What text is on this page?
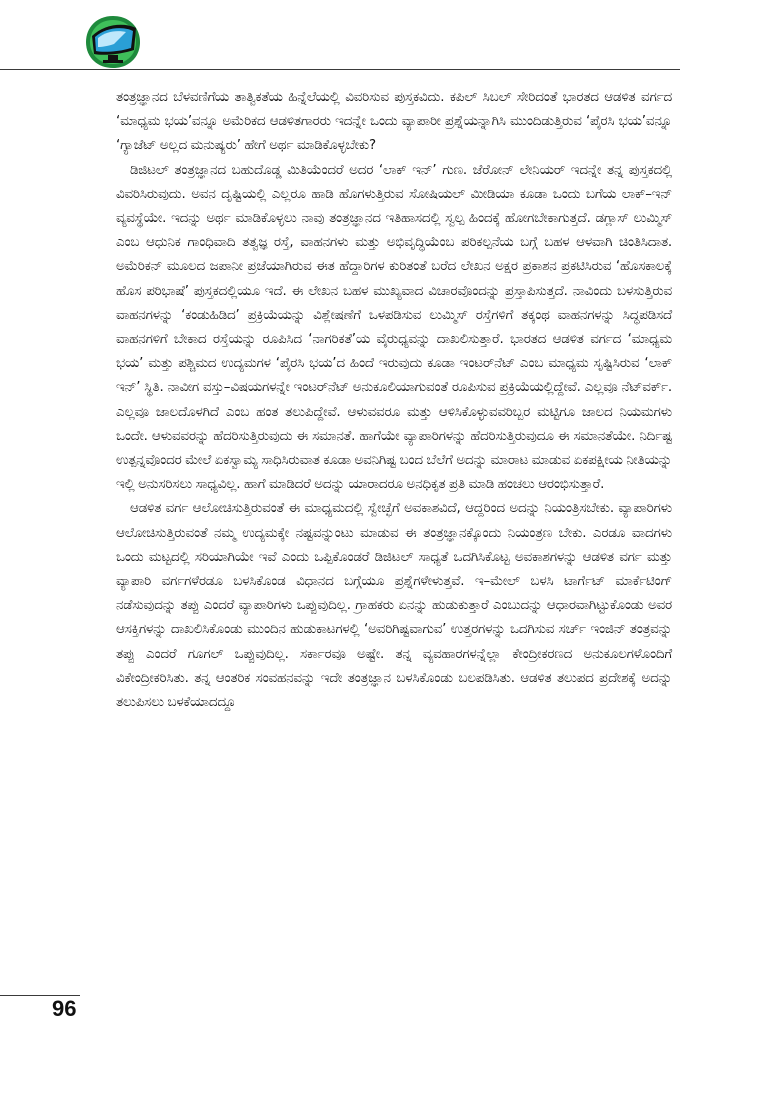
ತಂತ್ರಜ್ಞಾನದ ಬೆಳವಣಿಗೆಯ ತಾತ್ವಿಕತೆಯ ಹಿನ್ನೆಲೆಯಲ್ಲಿ ವಿವರಿಸುವ ಪುಸ್ತಕವಿದು. ಕಪಿಲ್ ಸಿಬಲ್ ಸೇರಿದಂತೆ ಭಾರತದ ಆಡಳಿತ ವರ್ಗದ ‘ಮಾಧ್ಯಮ ಭಯ’ವನ್ನೂ ಅಮೆರಿಕದ ಆಡಳಿತಗಾರರು ಇದನ್ನೇ ಒಂದು ವ್ಯಾಪಾರೀ ಪ್ರಶ್ನೆಯನ್ನಾಗಿಸಿ ಮುಂದಿಡುತ್ತಿರುವ ‘ಪೈರಸಿ ಭಯ’ವನ್ನೂ ‘ಗ್ಯಾಜೆಟ್ ಅಲ್ಲದ ಮನುಷ್ಯರು’ ಹೇಗೆ ಅರ್ಥ ಮಾಡಿಕೊಳ್ಳಬೇಕು?

ಡಿಜಿಟಲ್ ತಂತ್ರಜ್ಞಾನದ ಬಹುದೊಡ್ಡ ಮಿತಿಯೆಂದರೆ ಅದರ ‘ಲಾಕ್ ಇನ್’ ಗುಣ. ಜೆರೋನ್ ಲೇನಿಯರ್ ಇದನ್ನೇ ತನ್ನ ಪುಸ್ತಕದಲ್ಲಿ ವಿವರಿಸಿರುವುದು. ಅವನ ದೃಷ್ಟಿಯಲ್ಲಿ ಎಲ್ಲರೂ ಹಾಡಿ ಹೊಗಳುತ್ತಿರುವ ಸೋಷಿಯಲ್ ಮೀಡಿಯಾ ಕೂಡಾ ಒಂದು ಬಗೆಯ ಲಾಕ್–ಇನ್ ವ್ಯವಸ್ಥೆಯೇ. ಇದನ್ನು ಅರ್ಥ ಮಾಡಿಕೊಳ್ಳಲು ನಾವು ತಂತ್ರಜ್ಞಾನದ ಇತಿಹಾಸದಲ್ಲಿ ಸ್ವಲ್ಪ ಹಿಂದಕ್ಕೆ ಹೋಗಬೇಕಾಗುತ್ತದೆ. ಡಗ್ಲಾಸ್ ಲುಮ್ಮಿಸ್ ಎಂಬ ಆಧುನಿಕ ಗಾಂಧಿವಾದಿ ತತ್ವಜ್ಞ ರಸ್ತೆ, ವಾಹನಗಳು ಮತ್ತು ಅಭಿವೃದ್ಧಿಯೆಂಬ ಪರಿಕಲ್ಪನೆಯ ಬಗ್ಗೆ ಬಹಳ ಆಳವಾಗಿ ಚಿಂತಿಸಿದಾತ. ಅಮೆರಿಕನ್ ಮೂಲದ ಜಪಾನೀ ಪ್ರಜೆಯಾಗಿರುವ ಈತ ಹೆದ್ದಾರಿಗಳ ಕುರಿತಂತೆ ಬರೆದ ಲೇಖನ ಅಕ್ಷರ ಪ್ರಕಾಶನ ಪ್ರಕಟಿಸಿರುವ ‘ಹೊಸಕಾಲಕ್ಕೆ ಹೊಸ ಪರಿಭಾಷೆ’ ಪುಸ್ತಕದಲ್ಲಿಯೂ ಇದೆ. ಈ ಲೇಖನ ಬಹಳ ಮುಖ್ಯವಾದ ವಿಚಾರವೊಂದನ್ನು ಪ್ರಸ್ತಾಪಿಸುತ್ತದೆ. ನಾವಿಂದು ಬಳಸುತ್ತಿರುವ ವಾಹನಗಳನ್ನು ‘ಕಂಡುಹಿಡಿದ’ ಪ್ರಕ್ರಿಯೆಯನ್ನು ವಿಶ್ಲೇಷಣೆಗೆ ಒಳಪಡಿಸುವ ಲುಮ್ಮಿಸ್ ರಸ್ತೆಗಳಿಗೆ ತಕ್ಕಂಥ ವಾಹನಗಳನ್ನು ಸಿದ್ಧಪಡಿಸದೆ ವಾಹನಗಳಿಗೆ ಬೇಕಾದ ರಸ್ತೆಯನ್ನು ರೂಪಿಸಿದ ‘ನಾಗರಿಕತೆ’ಯ ವೈರುಧ್ಯವನ್ನು ದಾಖಲಿಸುತ್ತಾರೆ. ಭಾರತದ ಆಡಳಿತ ವರ್ಗದ ‘ಮಾಧ್ಯಮ ಭಯ’ ಮತ್ತು ಪಶ್ಚಿಮದ ಉದ್ಯಮಗಳ ‘ಪೈರಸಿ ಭಯ’ದ ಹಿಂದೆ ಇರುವುದು ಕೂಡಾ ಇಂಟರ್‌ನೆಟ್ ಎಂಬ ಮಾಧ್ಯಮ ಸೃಷ್ಟಿಸಿರುವ ‘ಲಾಕ್ ಇನ್’ ಸ್ಥಿತಿ. ನಾವೀಗ ವಸ್ತು–ವಿಷಯಗಳನ್ನೇ ಇಂಟರ್‌ನೆಟ್ ಅನುಕೂಲಿಯಾಗುವಂತೆ ರೂಪಿಸುವ ಪ್ರಕ್ರಿಯೆಯಲ್ಲಿದ್ದೇವೆ. ಎಲ್ಲವೂ ನೆಟ್‌ವರ್ಕ್. ಎಲ್ಲವೂ ಜಾಲದೊಳಗಿದೆ ಎಂಬ ಹಂತ ತಲುಪಿದ್ದೇವೆ. ಆಳುವವರೂ ಮತ್ತು ಆಳಿಸಿಕೊಳ್ಳುವವರಿಬ್ಬರ ಮಟ್ಟಿಗೂ ಜಾಲದ ನಿಯಮಗಳು ಒಂದೇ. ಆಳುವವರನ್ನು ಹೆದರಿಸುತ್ತಿರುವುದು ಈ ಸಮಾನತೆ. ಹಾಗೆಯೇ ವ್ಯಾಪಾರಿಗಳನ್ನು ಹೆದರಿಸುತ್ತಿರುವುದೂ ಈ ಸಮಾನತೆಯೇ. ನಿರ್ದಿಷ್ಟ ಉತ್ಪನ್ನವೊಂದರ ಮೇಲೆ ಏಕಸ್ವಾಮ್ಯ ಸಾಧಿಸಿರುವಾತ ಕೂಡಾ ಅವನಿಗಿಷ್ಟ ಬಂದ ಬೆಲೆಗೆ ಅದನ್ನು ಮಾರಾಟ ಮಾಡುವ ಏಕಪಕ್ಷೀಯ ನೀತಿಯನ್ನು ಇಲ್ಲಿ ಅನುಸರಿಸಲು ಸಾಧ್ಯವಿಲ್ಲ. ಹಾಗೆ ಮಾಡಿದರೆ ಅದನ್ನು ಯಾರಾದರೂ ಅನಧಿಕೃತ ಪ್ರತಿ ಮಾಡಿ ಹಂಚಲು ಆರಂಭಿಸುತ್ತಾರೆ.

ಆಡಳಿತ ವರ್ಗ ಆಲೋಚಿಸುತ್ತಿರುವಂತೆ ಈ ಮಾಧ್ಯಮದಲ್ಲಿ ಸ್ವೇಚ್ಛೆಗೆ ಅವಕಾಶವಿದೆ, ಆದ್ದರಿಂದ ಅದನ್ನು ನಿಯಂತ್ರಿಸಬೇಕು. ವ್ಯಾಪಾರಿಗಳು ಆಲೋಚಿಸುತ್ತಿರುವಂತೆ ನಮ್ಮ ಉದ್ಯಮಕ್ಕೇ ನಷ್ಟವನ್ನುಂಟು ಮಾಡುವ ಈ ತಂತ್ರಜ್ಞಾನಕ್ಕೊಂದು ನಿಯಂತ್ರಣ ಬೇಕು. ಎರಡೂ ವಾದಗಳು ಒಂದು ಮಟ್ಟದಲ್ಲಿ ಸರಿಯಾಗಿಯೇ ಇವೆ ಎಂದು ಒಪ್ಪಿಕೊಂಡರೆ ಡಿಜಿಟಲ್ ಸಾಧ್ಯತೆ ಒದಗಿಸಿಕೊಟ್ಟ ಅವಕಾಶಗಳನ್ನು ಆಡಳಿತ ವರ್ಗ ಮತ್ತು ವ್ಯಾಪಾರಿ ವರ್ಗಗಳೆರಡೂ ಬಳಸಿಕೊಂಡ ವಿಧಾನದ ಬಗ್ಗೆಯೂ ಪ್ರಶ್ನೆಗಳೇಳುತ್ತವೆ. ಇ–ಮೇಲ್ ಬಳಸಿ ಟಾರ್ಗೆಟ್ ಮಾರ್ಕೆಟಿಂಗ್ ನಡೆಸುವುದನ್ನು ತಪ್ಪು ಎಂದರೆ ವ್ಯಾಪಾರಿಗಳು ಒಪ್ಪುವುದಿಲ್ಲ. ಗ್ರಾಹಕರು ಏನನ್ನು ಹುಡುಕುತ್ತಾರೆ ಎಂಬುದನ್ನು ಆಧಾರವಾಗಿಟ್ಟುಕೊಂಡು ಅವರ ಆಸಕ್ತಿಗಳನ್ನು ದಾಖಲಿಸಿಕೊಂಡು ಮುಂದಿನ ಹುಡುಕಾಟಗಳಲ್ಲಿ ‘ಅವರಿಗಿಷ್ಟವಾಗುವ’ ಉತ್ತರಗಳನ್ನು ಒದಗಿಸುವ ಸರ್ಚ್ ಇಂಜಿನ್ ತಂತ್ರವನ್ನು ತಪ್ಪು ಎಂದರೆ ಗೂಗಲ್ ಒಪ್ಪುವುದಿಲ್ಲ. ಸರ್ಕಾರವೂ ಅಷ್ಟೇ. ತನ್ನ ವ್ಯವಹಾರಗಳನ್ನೆಲ್ಲಾ ಕೇಂದ್ರೀಕರಣದ ಅನುಕೂಲಗಳೊಂದಿಗೆ ವಿಕೇಂದ್ರೀಕರಿಸಿತು. ತನ್ನ ಆಂತರಿಕ ಸಂವಹನವನ್ನು ಇದೇ ತಂತ್ರಜ್ಞಾನ ಬಳಸಿಕೊಂಡು ಬಲಪಡಿಸಿತು. ಆಡಳಿತ ತಲುಪದ ಪ್ರದೇಶಕ್ಕೆ ಅದನ್ನು ತಲುಪಿಸಲು ಬಳಕೆಯಾದದ್ದೂ

96
